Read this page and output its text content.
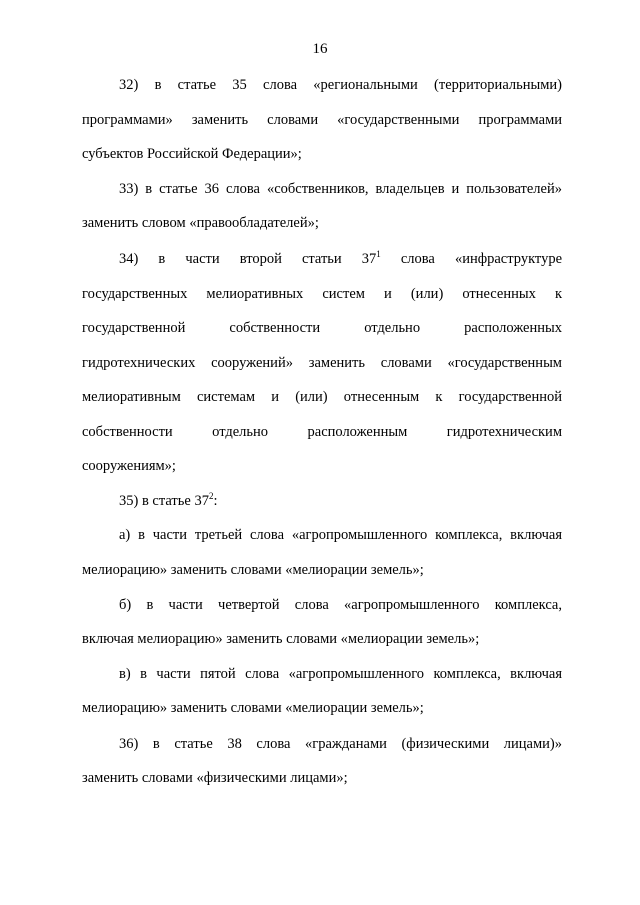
16
32) в статье 35 слова «региональными (территориальными)
программами» заменить словами «государственными программами
субъектов Российской Федерации»;
33) в статье 36 слова «собственников, владельцев и пользователей»
заменить словом «правообладателей»;
34) в части второй статьи $37^1$ слова «инфраструктуре
государственных мелиоративных систем и (или) отнесенных к
государственной собственности отдельно расположенных
гидротехнических сооружений» заменить словами «государственным
мелиоративным системам и (или) отнесенным к государственной
собственности отдельно расположенным гидротехническим
сооружениям»;
35) в статье $37^2$:
а) в части третьей слова «агропромышленного комплекса, включая
мелиорацию» заменить словами «мелиорации земель»;
б) в части четвертой слова «агропромышленного комплекса,
включая мелиорацию» заменить словами «мелиорации земель»;
в) в части пятой слова «агропромышленного комплекса, включая
мелиорацию» заменить словами «мелиорации земель»;
36) в статье 38 слова «гражданами (физическими лицами)»
заменить словами «физическими лицами»;
